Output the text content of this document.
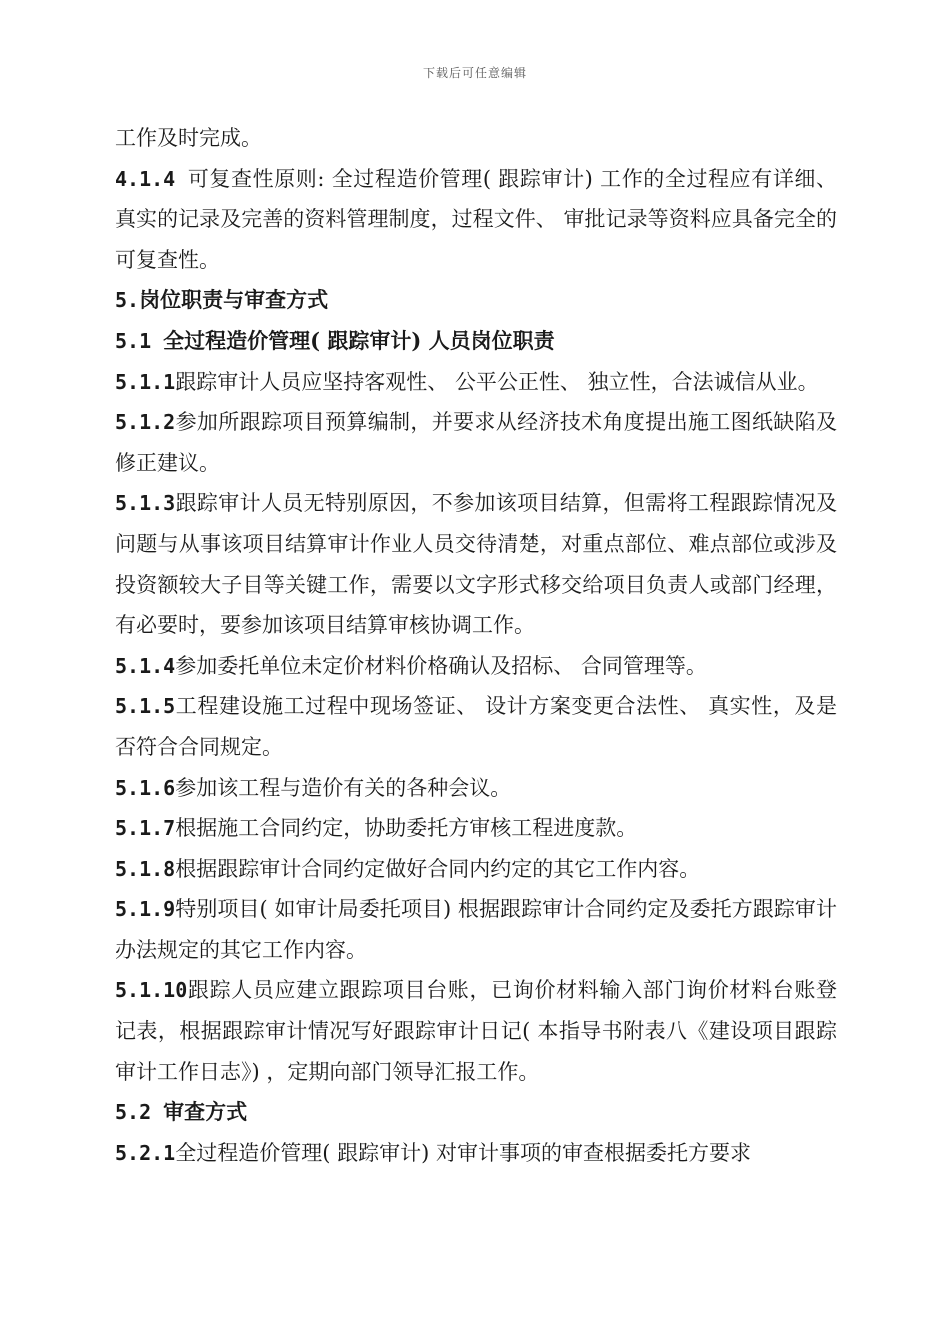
下载后可任意编辑

工作及时完成。

4.1.4 可复查性原则: 全过程造价管理( 跟踪审计) 工作的全过程应有详细、 真实的记录及完善的资料管理制度，过程文件、 审批记录等资料应具备完全的可复查性。

5.岗位职责与审查方式

5.1 全过程造价管理( 跟踪审计) 人员岗位职责

5.1.1跟踪审计人员应坚持客观性、 公平公正性、 独立性，合法诚信从业。

5.1.2参加所跟踪项目预算编制，并要求从经济技术角度提出施工图纸缺陷及修正建议。

5.1.3跟踪审计人员无特别原因，不参加该项目结算，但需将工程跟踪情况及问题与从事该项目结算审计作业人员交待清楚，对重点部位、难点部位或涉及投资额较大子目等关键工作，需要以文字形式移交给项目负责人或部门经理，有必要时，要参加该项目结算审核协调工作。

5.1.4参加委托单位未定价材料价格确认及招标、 合同管理等。

5.1.5工程建设施工过程中现场签证、 设计方案变更合法性、 真实性，及是否符合合同规定。

5.1.6参加该工程与造价有关的各种会议。

5.1.7根据施工合同约定，协助委托方审核工程进度款。

5.1.8根据跟踪审计合同约定做好合同内约定的其它工作内容。

5.1.9特别项目( 如审计局委托项目) 根据跟踪审计合同约定及委托方跟踪审计办法规定的其它工作内容。

5.1.10跟踪人员应建立跟踪项目台账，已询价材料输入部门询价材料台账登记表，根据跟踪审计情况写好跟踪审计日记( 本指导书附表八《建设项目跟踪审计工作日志》) ，定期向部门领导汇报工作。

5.2 审查方式

5.2.1全过程造价管理( 跟踪审计) 对审计事项的审查根据委托方要求
